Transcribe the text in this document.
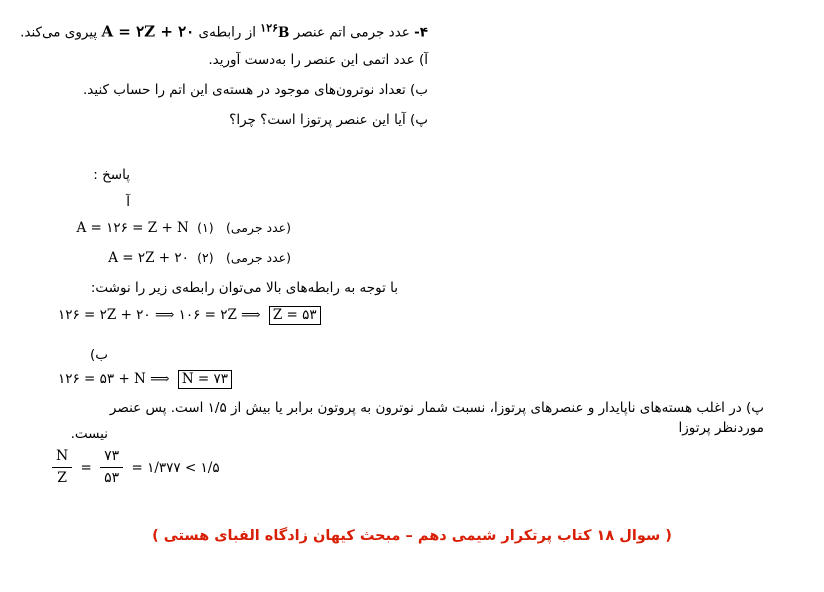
۴- عدد جرمی اتم عنصر $^{۱۲۶}$B از رابطه‌ی A = ۲Z + ۲۰ پیروی می‌کند.
آ) عدد اتمی این عنصر را به‌دست آورید.
ب) تعداد نوترون‌های موجود در هسته‌ی این اتم را حساب کنید.
پ) آیا این عنصر پرتوزا است؟ چرا؟
پاسخ :
آ
(عدد جرمی) A = ۱۲۶ = Z + N (۱)
(عدد جرمی) A = ۲Z + ۲۰ (۲)
با توجه به رابطه‌های بالا می‌توان رابطه‌ی زیر را نوشت:
۱۲۶ = ۲Z + ۲۰ ⟹ ۱۰۶ = ۲Z ⟹ Z = ۵۳
ب)
۱۲۶ = ۵۳ + N ⟹ N = ۷۳
پ) در اغلب هسته‌های ناپایدار و عنصرهای پرتوزا، نسبت شمار نوترون به پروتون برابر یا بیش از ۱/۵ است. پس عنصر موردنظر پرتوزا
نیست.
$\frac{N}{Z} = \frac{۷۳}{۵۳}$ = ۱/۳۷۷ < ۱/۵
( سوال ۱۸ کتاب پرتکرار شیمی دهم – مبحث کیهان زادگاه الفبای هستی )
